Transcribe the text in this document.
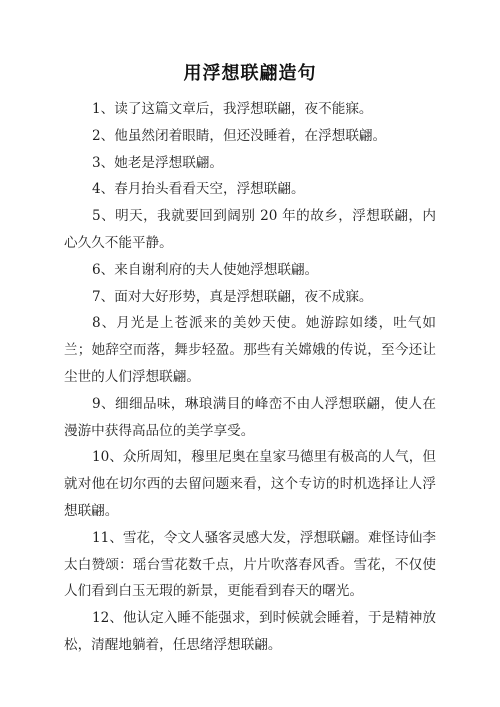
用浮想联翩造句

1、读了这篇文章后，我浮想联翩，夜不能寐。

2、他虽然闭着眼睛，但还没睡着，在浮想联翩。

3、她老是浮想联翩。

4、春月抬头看看天空，浮想联翩。

5、明天，我就要回到阔别 20 年的故乡，浮想联翩，内心久久不能平静。

6、来自谢利府的夫人使她浮想联翩。

7、面对大好形势，真是浮想联翩，夜不成寐。

8、月光是上苍派来的美妙天使。她游踪如缕，吐气如兰；她辞空而落，舞步轻盈。那些有关嫦娥的传说，至今还让尘世的人们浮想联翩。

9、细细品味，琳琅满目的峰峦不由人浮想联翩，使人在漫游中获得高品位的美学享受。

10、众所周知，穆里尼奥在皇家马德里有极高的人气，但就对他在切尔西的去留问题来看，这个专访的时机选择让人浮想联翩。

11、雪花，令文人骚客灵感大发，浮想联翩。难怪诗仙李太白赞颂：瑶台雪花数千点，片片吹落春风香。雪花，不仅使人们看到白玉无瑕的新景，更能看到春天的曙光。

12、他认定入睡不能强求，到时候就会睡着，于是精神放松，清醒地躺着，任思绪浮想联翩。
